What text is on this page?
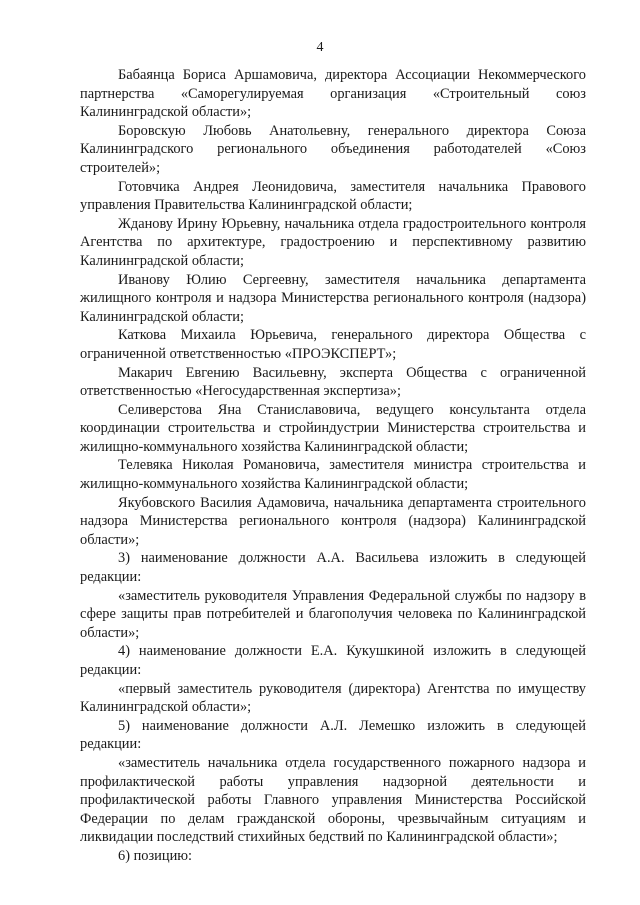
4

Бабаянца Бориса Аршамовича, директора Ассоциации Некоммерческого партнерства «Саморегулируемая организация «Строительный союз Калининградской области»;

Боровскую Любовь Анатольевну, генерального директора Союза Калининградского регионального объединения работодателей «Союз строителей»;

Готовчика Андрея Леонидовича, заместителя начальника Правового управления Правительства Калининградской области;

Жданову Ирину Юрьевну, начальника отдела градостроительного контроля Агентства по архитектуре, градостроению и перспективному развитию Калининградской области;

Иванову Юлию Сергеевну, заместителя начальника департамента жилищного контроля и надзора Министерства регионального контроля (надзора) Калининградской области;

Каткова Михаила Юрьевича, генерального директора Общества с ограниченной ответственностью «ПРОЭКСПЕРТ»;

Макарич Евгению Васильевну, эксперта Общества с ограниченной ответственностью «Негосударственная экспертиза»;

Селиверстова Яна Станиславовича, ведущего консультанта отдела координации строительства и стройиндустрии Министерства строительства и жилищно-коммунального хозяйства Калининградской области;

Телевяка Николая Романовича, заместителя министра строительства и жилищно-коммунального хозяйства Калининградской области;

Якубовского Василия Адамовича, начальника департамента строительного надзора Министерства регионального контроля (надзора) Калининградской области»;

3) наименование должности А.А. Васильева изложить в следующей редакции:

«заместитель руководителя Управления Федеральной службы по надзору в сфере защиты прав потребителей и благополучия человека по Калининградской области»;

4) наименование должности Е.А. Кукушкиной изложить в следующей редакции:

«первый заместитель руководителя (директора) Агентства по имуществу Калининградской области»;

5) наименование должности А.Л. Лемешко изложить в следующей редакции:

«заместитель начальника отдела государственного пожарного надзора и профилактической работы управления надзорной деятельности и профилактической работы Главного управления Министерства Российской Федерации по делам гражданской обороны, чрезвычайным ситуациям и ликвидации последствий стихийных бедствий по Калининградской области»;

6) позицию:
